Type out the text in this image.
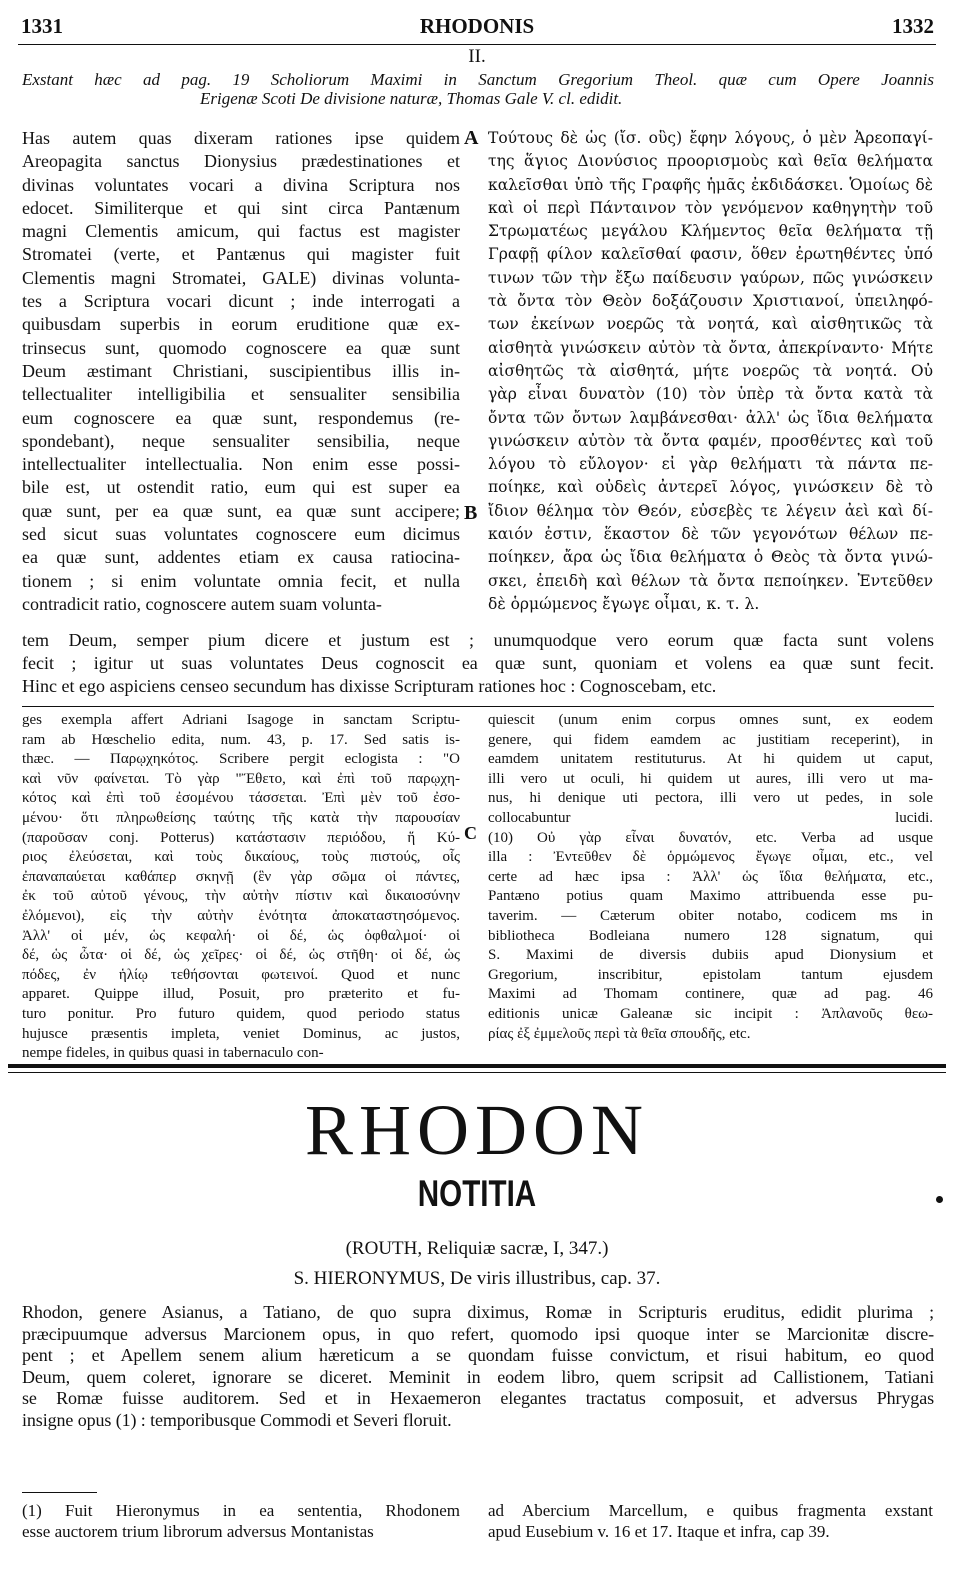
1331	RHODONIS	1332
II.
Exstant hæc ad pag. 19 Scholiorum Maximi in Sanctum Gregorium Theol. quæ cum Opere Joannis
Erigenæ Scoti De divisione naturæ, Thomas Gale V. cl. edidit.
A
B
Has autem quas dixeram rationes ipse quidem
Areopagita sanctus Dionysius prædestinationes et
divinas voluntates vocari a divina Scriptura nos
edocet. Similiterque et qui sint circa Pantænum
magni Clementis amicum, qui factus est magister
Stromatei (verte, et Pantænus qui magister fuit
Clementis magni Stromatei, GALE) divinas volunta-
tes a Scriptura vocari dicunt ; inde interrogati a
quibusdam superbis in eorum eruditione quæ ex-
trinsecus sunt, quomodo cognoscere ea quæ sunt
Deum æstimant Christiani, suscipientibus illis in-
tellectualiter intelligibilia et sensualiter sensibilia
eum cognoscere ea quæ sunt, respondemus (re-
spondebant), neque sensualiter sensibilia, neque
intellectualiter intellectualia. Non enim esse possi-
bile est, ut ostendit ratio, eum qui est super ea
quæ sunt, per ea quæ sunt, ea quæ sunt accipere;
sed sicut suas voluntates cognoscere eum dicimus
ea quæ sunt, addentes etiam ex causa ratiocina-
tionem ; si enim voluntate omnia fecit, et nulla
contradicit ratio, cognoscere autem suam volunta-
Τούτους δὲ ὡς (ἴσ. οὓς) ἔφην λόγους, ὁ μὲν Ἀρεοπαγί-
της ἅγιος Διονύσιος προορισμοὺς καὶ θεῖα θελήματα
καλεῖσθαι ὑπὸ τῆς Γραφῆς ἡμᾶς ἐκδιδάσκει. Ὁμοίως δὲ
καὶ οἱ περὶ Πάνταινον τὸν γενόμενον καθηγητὴν τοῦ
Στρωματέως μεγάλου Κλήμεντος θεῖα θελήματα τῇ
Γραφῇ φίλον καλεῖσθαί φασιν, ὅθεν ἐρωτηθέντες ὑπό
τινων τῶν τὴν ἔξω παίδευσιν γαύρων, πῶς γινώσκειν
τὰ ὄντα τὸν Θεὸν δοξάζουσιν Χριστιανοί, ὑπειληφό-
των ἐκείνων νοερῶς τὰ νοητά, καὶ αἰσθητικῶς τὰ
αἰσθητὰ γινώσκειν αὐτὸν τὰ ὄντα, ἀπεκρίναντο· Μήτε
αἰσθητῶς τὰ αἰσθητά, μήτε νοερῶς τὰ νοητά. Οὐ
γὰρ εἶναι δυνατὸν (10) τὸν ὑπὲρ τὰ ὄντα κατὰ τὰ
ὄντα τῶν ὄντων λαμβάνεσθαι· ἀλλ' ὡς ἴδια θελήματα
γινώσκειν αὐτὸν τὰ ὄντα φαμέν, προσθέντες καὶ τοῦ
λόγου τὸ εὔλογον· εἰ γὰρ θελήματι τὰ πάντα πε-
ποίηκε, καὶ οὐδεὶς ἀντερεῖ λόγος, γινώσκειν δὲ τὸ
ἴδιον θέλημα τὸν Θεόν, εὐσεβὲς τε λέγειν ἀεὶ καὶ δί-
καιόν ἐστιν, ἕκαστον δὲ τῶν γεγονότων θέλων πε-
ποίηκεν, ἄρα ὡς ἴδια θελήματα ὁ Θεὸς τὰ ὄντα γινώ-
σκει, ἐπειδὴ καὶ θέλων τὰ ὄντα πεποίηκεν. Ἐντεῦθεν
δὲ ὁρμώμενος ἔγωγε οἶμαι, κ. τ. λ.
tem Deum, semper pium dicere et justum est ; unumquodque vero eorum quæ facta sunt volens
fecit ; igitur ut suas voluntates Deus cognoscit ea quæ sunt, quoniam et volens ea quæ sunt fecit.
Hinc et ego aspiciens censeo secundum has dixisse Scripturam rationes hoc : Cognoscebam, etc.
ges exempla affert Adriani Isagoge in sanctam Scriptu-
ram ab Hœschelio edita, num. 43, p. 17. Sed satis is-
thæc. — Παρῳχηκότος. Scribere pergit eclogista : "Ο
καὶ νῦν φαίνεται. Τὸ γὰρ "Ἔθετο, καὶ ἐπὶ τοῦ παρῳχη-
κότος καὶ ἐπὶ τοῦ ἐσομένου τάσσεται. Ἐπὶ μὲν τοῦ ἐσο-
μένου· ὅτι πληρωθείσης ταύτης τῆς κατὰ τὴν παρουσίαν
(παροῦσαν conj. Potterus) κατάστασιν περιόδου, ἥ Κύ-
ριος ἐλεύσεται, καὶ τοὺς δικαίους, τοὺς πιστούς, οἷς
ἐπαναπαύεται καθάπερ σκηνῇ (ἓν γὰρ σῶμα οἱ πάντες,
ἐκ τοῦ αὐτοῦ γένους, τὴν αὐτὴν πίστιν καὶ δικαιοσύνην
ἐλόμενοι), εἰς τὴν αὐτὴν ἑνότητα ἀποκαταστησόμενος.
Ἀλλ' οἱ μέν, ὡς κεφαλή· οἱ δέ, ὡς ὀφθαλμοί· οἱ
δέ, ὡς ὦτα· οἱ δέ, ὡς χεῖρες· οἱ δέ, ὡς στῆθη· οἱ δέ, ὡς
πόδες, ἐν ἡλίῳ τεθήσονται φωτεινοί. Quod et nunc
apparet. Quippe illud, Posuit, pro præterito et fu-
turo ponitur. Pro futuro quidem, quod periodo status
hujusce præsentis impleta, veniet Dominus, ac justos,
nempe fideles, in quibus quasi in tabernaculo con-
C
quiescit (unum enim corpus omnes sunt, ex eodem
genere, qui fidem eamdem ac justitiam receperint), in
eamdem unitatem restituturus. At hi quidem ut caput,
illi vero ut oculi, hi quidem ut aures, illi vero ut ma-
nus, hi denique uti pectora, illi vero ut pedes, in sole
collocabuntur lucidi.
(10) Οὐ γὰρ εἶναι δυνατόν, etc. Verba ad usque
illa : Ἐντεῦθεν δὲ ὁρμώμενος ἔγωγε οἶμαι, etc., vel
certe ad hæc ipsa : Ἀλλ' ὡς ἴδια θελήματα, etc.,
Pantæno potius quam Maximo attribuenda esse pu-
taverim. — Cæterum obiter notabo, codicem ms in
bibliotheca Bodleiana numero 128 signatum, qui
S. Maximi de diversis dubiis apud Dionysium et
Gregorium, inscribitur, epistolam tantum ejusdem
Maximi ad Thomam continere, quæ ad pag. 46
editionis unicæ Galeanæ sic incipit : Ἀπλανοῦς θεω-
ρίας ἐξ ἐμμελοῦς περὶ τὰ θεῖα σπουδῆς, etc.
RHODON
NOTITIA
(ROUTH, Reliquiæ sacræ, I, 347.)
S. HIERONYMUS, De viris illustribus, cap. 37.
Rhodon, genere Asianus, a Tatiano, de quo supra diximus, Romæ in Scripturis eruditus, edidit plurima ;
præcipuumque adversus Marcionem opus, in quo refert, quomodo ipsi quoque inter se Marcionitæ discre-
pent ; et Apellem senem alium hæreticum a se quondam fuisse convictum, et risui habitum, eo quod
Deum, quem coleret, ignorare se diceret. Meminit in eodem libro, quem scripsit ad Callistionem, Tatiani
se Romæ fuisse auditorem. Sed et in Hexaemeron elegantes tractatus composuit, et adversus Phrygas
insigne opus (1) : temporibusque Commodi et Severi floruit.
(1) Fuit Hieronymus in ea sententia, Rhodonem
esse auctorem trium librorum adversus Montanistas
ad Abercium Marcellum, e quibus fragmenta exstant
apud Eusebium v. 16 et 17. Itaque et infra, cap 39.
